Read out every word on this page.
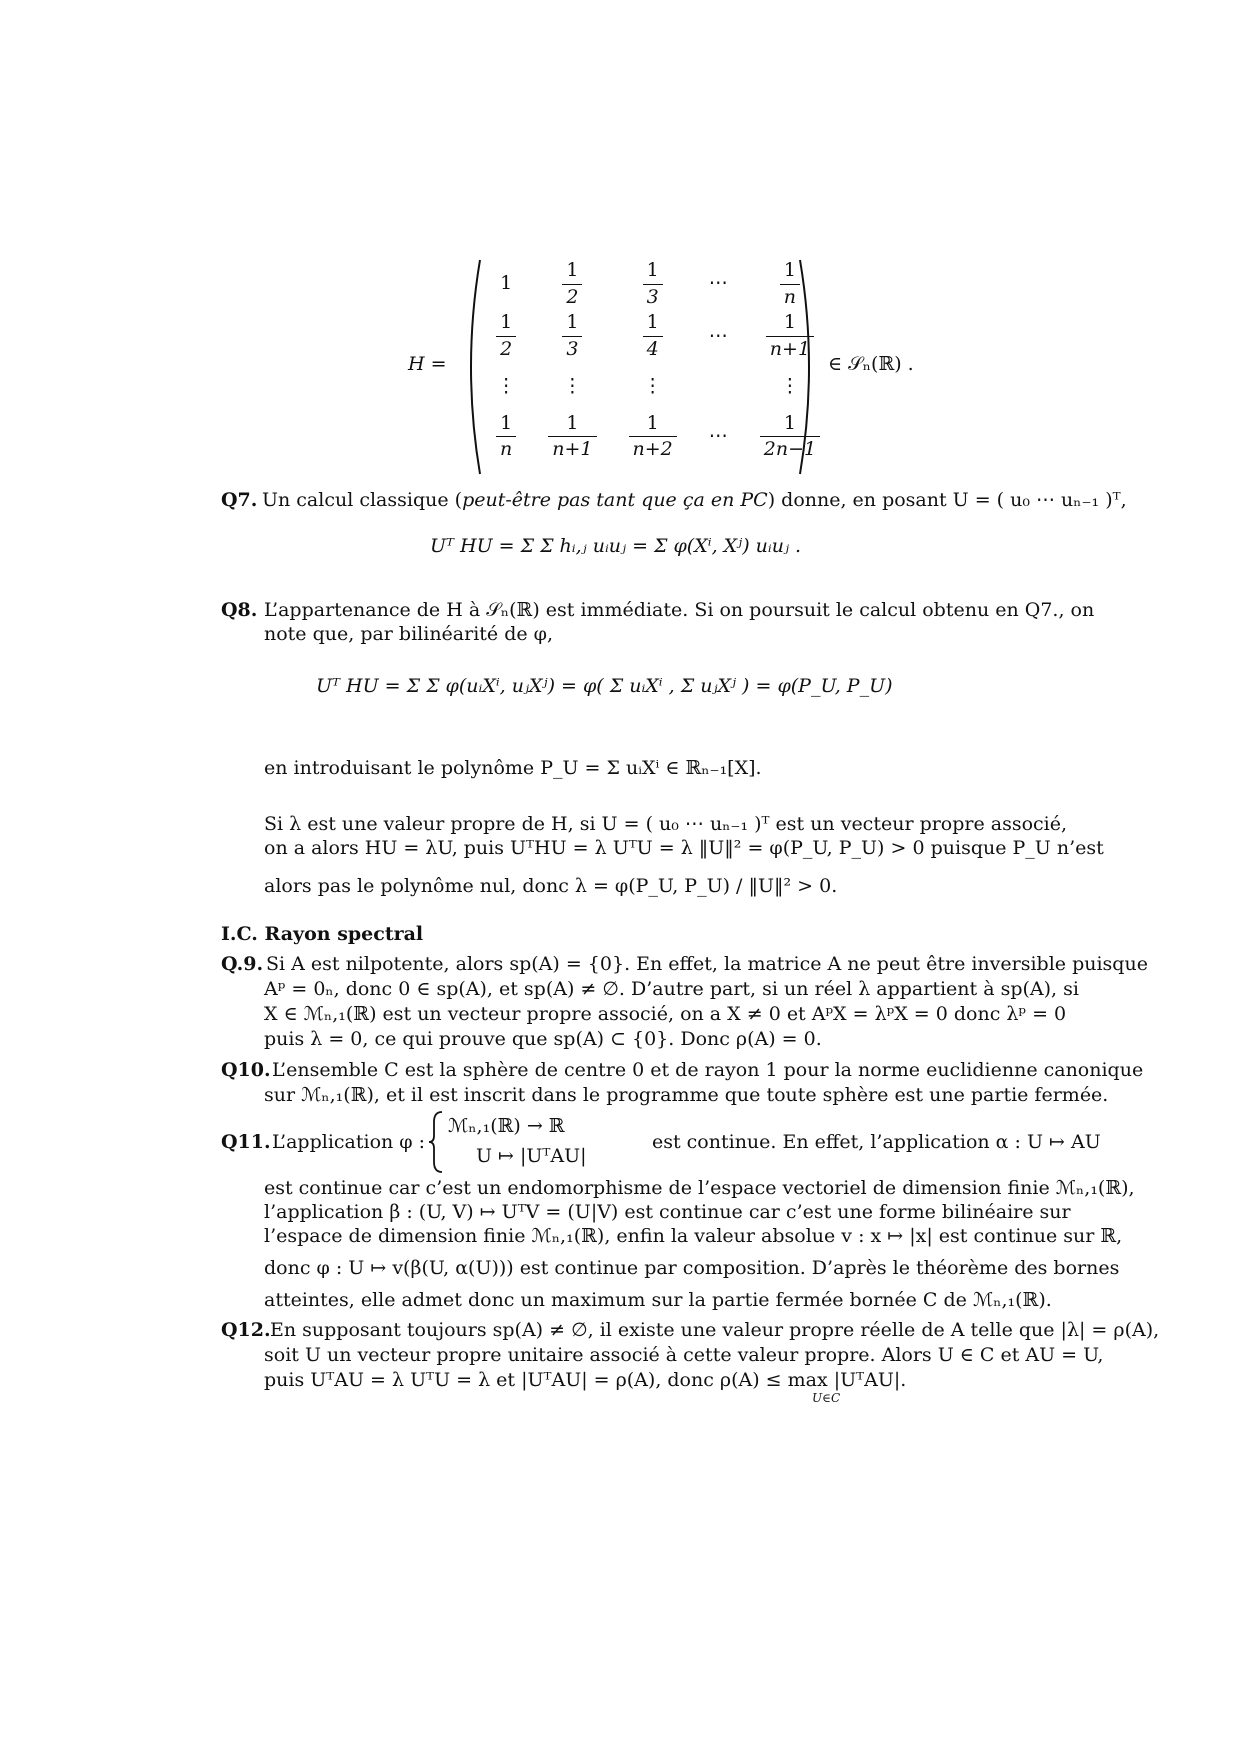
H =
1	$\frac{1}{2}$	$\frac{1}{3}$	⋯	$\frac{1}{n}$

$\frac{1}{2}$	$\frac{1}{3}$	$\frac{1}{4}$	⋯	$\frac{1}{n+1}$

⋮	⋮	⋮		⋮

$\frac{1}{n}$	$\frac{1}{n+1}$	$\frac{1}{n+2}$	⋯	$\frac{1}{2n-1}$
∈ 𝒮ₙ(ℝ) .
Q7. Un calcul classique (peut-être pas tant que ça en PC) donne, en posant U = ( u₀ ⋯ uₙ₋₁ )ᵀ,
Uᵀ HU = Σ Σ hᵢ,ⱼ uᵢuⱼ = Σ φ(Xⁱ, Xʲ) uᵢuⱼ .
Q8. L’appartenance de H à 𝒮ₙ(ℝ) est immédiate. Si on poursuit le calcul obtenu en Q7., on
note que, par bilinéarité de φ,
Uᵀ HU = Σ Σ φ(uᵢXⁱ, uⱼXʲ) = φ( Σ uᵢXⁱ , Σ uⱼXʲ ) = φ(P_U, P_U)
en introduisant le polynôme P_U = Σ uᵢXⁱ ∈ ℝₙ₋₁[X].
Si λ est une valeur propre de H, si U = ( u₀ ⋯ uₙ₋₁ )ᵀ est un vecteur propre associé,
on a alors HU = λU, puis UᵀHU = λ UᵀU = λ ‖U‖² = φ(P_U, P_U) > 0 puisque P_U n’est
alors pas le polynôme nul, donc λ = φ(P_U, P_U) / ‖U‖² > 0.
I.C. Rayon spectral
Q.9. Si A est nilpotente, alors sp(A) = {0}. En effet, la matrice A ne peut être inversible puisque
Aᵖ = 0ₙ, donc 0 ∈ sp(A), et sp(A) ≠ ∅. D’autre part, si un réel λ appartient à sp(A), si
X ∈ ℳₙ,₁(ℝ) est un vecteur propre associé, on a X ≠ 0 et AᵖX = λᵖX = 0 donc λᵖ = 0
puis λ = 0, ce qui prouve que sp(A) ⊂ {0}. Donc ρ(A) = 0.
Q10. L’ensemble C est la sphère de centre 0 et de rayon 1 pour la norme euclidienne canonique
sur ℳₙ,₁(ℝ), et il est inscrit dans le programme que toute sphère est une partie fermée.
Q11. L’application φ :
ℳₙ,₁(ℝ) → ℝ
U ↦ |UᵀAU|
est continue. En effet, l’application α : U ↦ AU
est continue car c’est un endomorphisme de l’espace vectoriel de dimension finie ℳₙ,₁(ℝ),
l’application β : (U, V) ↦ UᵀV = (U|V) est continue car c’est une forme bilinéaire sur
l’espace de dimension finie ℳₙ,₁(ℝ), enfin la valeur absolue v : x ↦ |x| est continue sur ℝ,
donc φ : U ↦ v(β(U, α(U))) est continue par composition. D’après le théorème des bornes
atteintes, elle admet donc un maximum sur la partie fermée bornée C de ℳₙ,₁(ℝ).
Q12. En supposant toujours sp(A) ≠ ∅, il existe une valeur propre réelle de A telle que |λ| = ρ(A),
soit U un vecteur propre unitaire associé à cette valeur propre. Alors U ∈ C et AU = U,
puis UᵀAU = λ UᵀU = λ et |UᵀAU| = ρ(A), donc ρ(A) ≤ max |UᵀAU|.
U∈C
